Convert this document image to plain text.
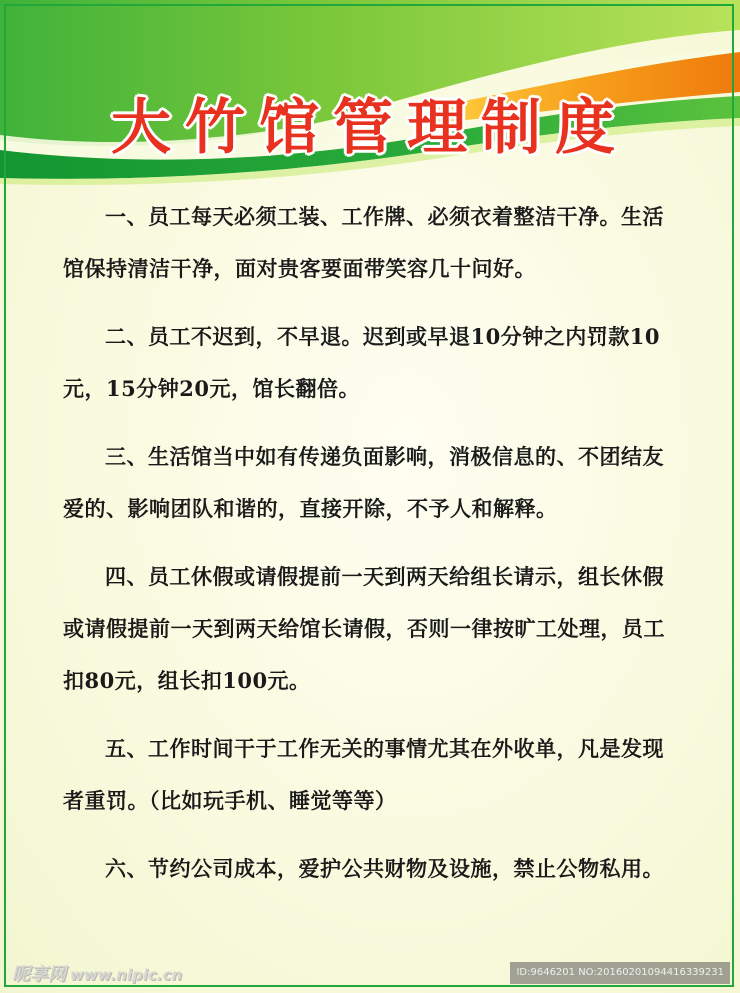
大竹馆管理制度

一、员工每天必须工装、工作牌、必须衣着整洁干净。生活馆保持清洁干净，面对贵客要面带笑容几十问好。

二、员工不迟到，不早退。迟到或早退10分钟之内罚款10元，15分钟20元，馆长翻倍。

三、生活馆当中如有传递负面影响，消极信息的、不团结友爱的、影响团队和谐的，直接开除，不予人和解释。

四、员工休假或请假提前一天到两天给组长请示，组长休假或请假提前一天到两天给馆长请假，否则一律按旷工处理，员工扣80元，组长扣100元。

五、工作时间干于工作无关的事情尤其在外收单，凡是发现者重罚。（比如玩手机、睡觉等等）

六、节约公司成本，爱护公共财物及设施，禁止公物私用。

昵享网 www.nipic.cn	ID:9646201 NO:20160201094416339231
